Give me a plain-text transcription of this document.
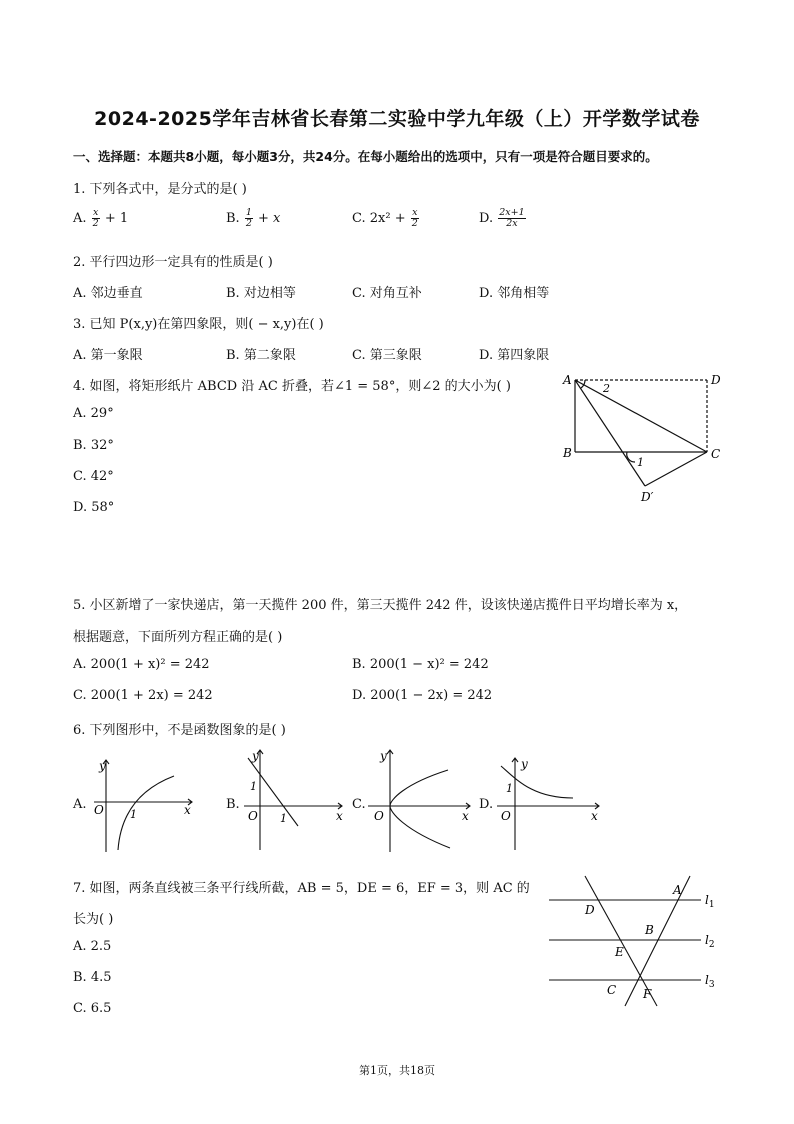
2024-2025学年吉林省长春第二实验中学九年级（上）开学数学试卷
一、选择题：本题共8小题，每小题3分，共24分。在每小题给出的选项中，只有一项是符合题目要求的。
1. 下列各式中，是分式的是( )
A. $\frac{x}{2} + 1$	B. $\frac{1}{2} + x$	C. $2x^2 + \frac{x}{2}$	D. $\frac{2x+1}{2x}$
2. 平行四边形一定具有的性质是( )
A. 邻边垂直	B. 对边相等	C. 对角互补	D. 邻角相等
3. 已知 P(x,y)在第四象限，则( − x,y)在( )
A. 第一象限	B. 第二象限	C. 第三象限	D. 第四象限
4. 如图，将矩形纸片 ABCD 沿 AC 折叠，若∠1 = 58°，则∠2 的大小为( )
A. 29°
B. 32°
C. 42°
D. 58°
A
B	C
D
D′
1
2
5. 小区新增了一家快递店，第一天揽件 200 件，第三天揽件 242 件，设该快递店揽件日平均增长率为 x，
根据题意，下面所列方程正确的是( )
A. 200(1 + x)² = 242	B. 200(1 − x)² = 242
C. 200(1 + 2x) = 242	D. 200(1 − 2x) = 242
6. 下列图形中，不是函数图象的是( )
A.
y
x
O 1
B.
y
x
O
1
1
C.
y
x
O
D.
y
x
O
1
7. 如图，两条直线被三条平行线所截，AB = 5，DE = 6，EF = 3，则 AC 的
长为( )
A. 2.5
B. 4.5
C. 6.5
A
B
C
D
E
F
$l_1$
$l_2$
$l_3$
第1页，共18页
